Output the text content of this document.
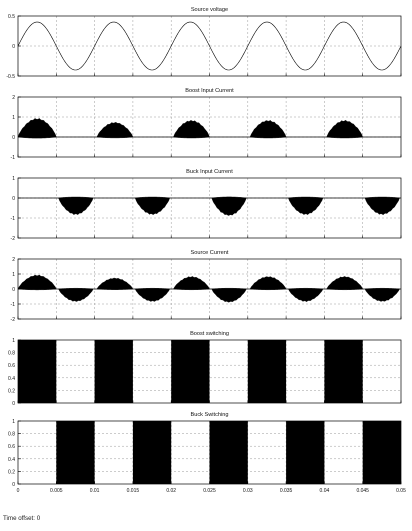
Source voltage
0.5
0
-0.5
Boost Input Current
2
1
0
-1
Buck Input Current
1
0
-1
-2
Source Current
2
1
0
-1
-2
Boost switching
1
0.8
0.6
0.4
0.2
0
Buck Switching
1
0.8
0.6
0.4
0.2
0
0	0.005	0.01	0.015	0.02	0.025	0.03	0.035	0.04	0.045	0.05
Time offset: 0
